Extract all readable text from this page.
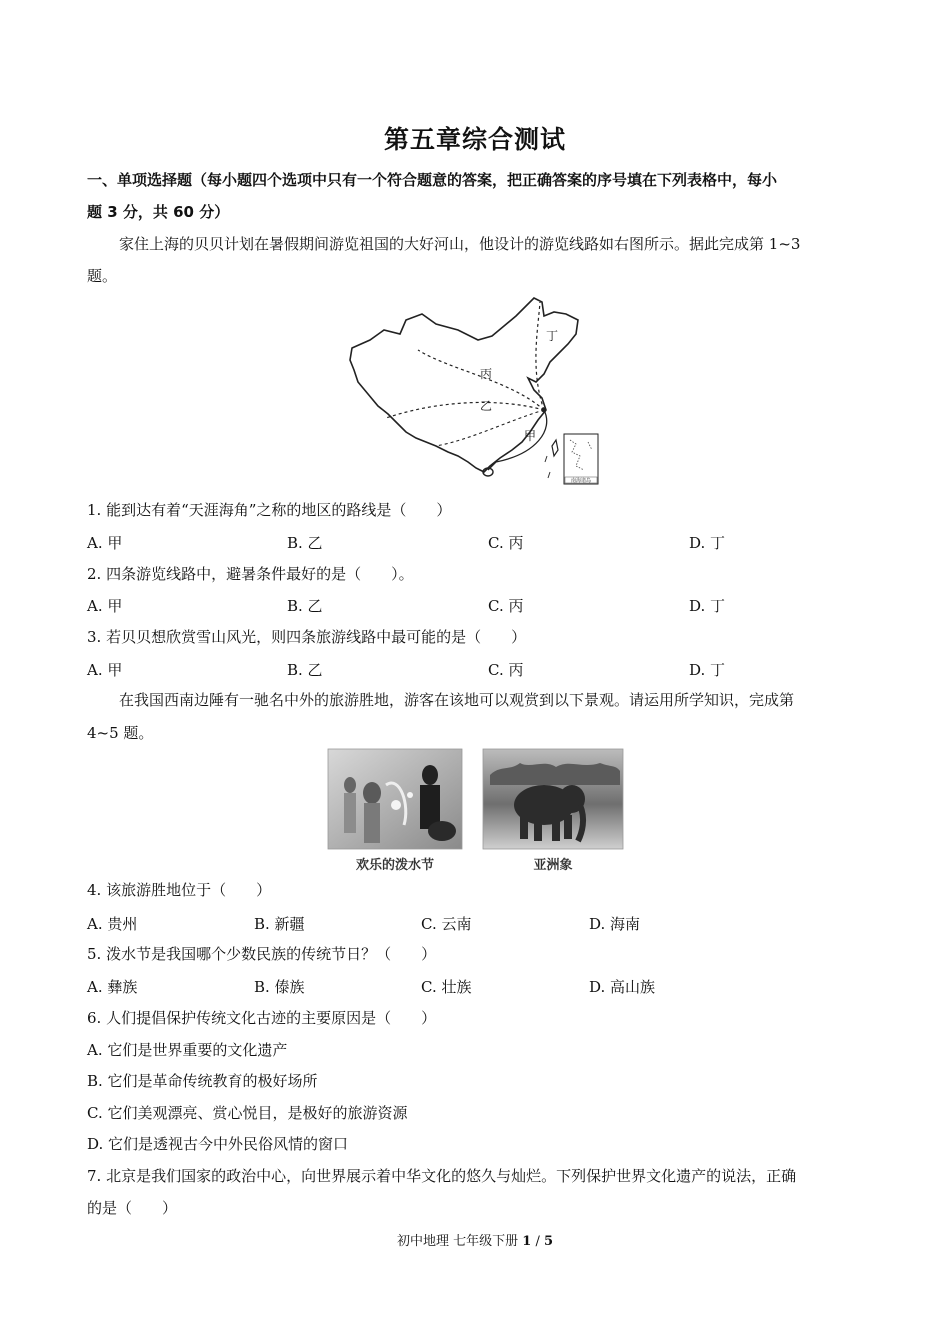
第五章综合测试
一、单项选择题（每小题四个选项中只有一个符合题意的答案，把正确答案的序号填在下列表格中，每小
题 3 分，共 60 分）
家住上海的贝贝计划在暑假期间游览祖国的大好河山，他设计的游览线路如右图所示。据此完成第 1~3
题。
丙
乙
甲
丁
南海诸岛
1. 能到达有着“天涯海角”之称的地区的路线是（　　）
A. 甲	B. 乙	C. 丙	D. 丁
2. 四条游览线路中，避暑条件最好的是（　　）。
A. 甲	B. 乙	C. 丙	D. 丁
3. 若贝贝想欣赏雪山风光，则四条旅游线路中最可能的是（　　）
A. 甲	B. 乙	C. 丙	D. 丁
在我国西南边陲有一驰名中外的旅游胜地，游客在该地可以观赏到以下景观。请运用所学知识，完成第
4~5 题。
欢乐的泼水节	亚洲象
4. 该旅游胜地位于（　　）
A. 贵州	B. 新疆	C. 云南	D. 海南
5. 泼水节是我国哪个少数民族的传统节日？（　　）
A. 彝族	B. 傣族	C. 壮族	D. 高山族
6. 人们提倡保护传统文化古迹的主要原因是（　　）
A. 它们是世界重要的文化遗产
B. 它们是革命传统教育的极好场所
C. 它们美观漂亮、赏心悦目，是极好的旅游资源
D. 它们是透视古今中外民俗风情的窗口
7. 北京是我们国家的政治中心，向世界展示着中华文化的悠久与灿烂。下列保护世界文化遗产的说法，正确
的是（　　）
初中地理 七年级下册 1 / 5
